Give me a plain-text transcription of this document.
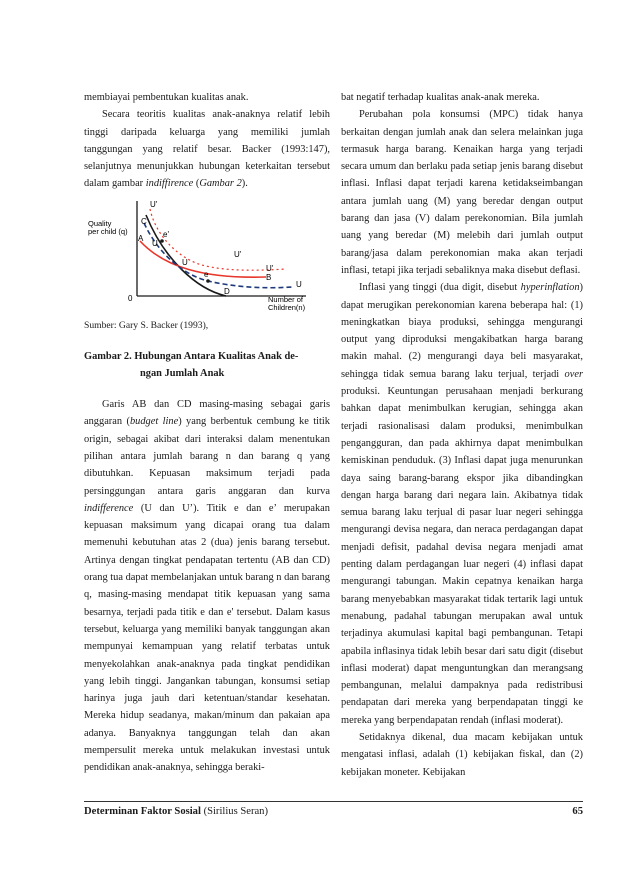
membiayai pembentukan kualitas anak.

Secara teoritis kualitas anak-anaknya relatif lebih tinggi daripada keluarga yang memiliki jumlah tanggungan yang relatif besar. Backer (1993:147), selanjutnya menunjukkan hubungan keterkaitan tersebut dalam gambar indiffirence (Gambar 2).

Quality
per child (q)
Number of
Children(n)
0
C
A e'
U'
U
e
U'
U'
B
U
D
U
Sumber: Gary S. Backer (1993),
Gambar 2. Hubungan Antara Kualitas Anak de-
ngan Jumlah Anak

Garis AB dan CD masing-masing sebagai garis anggaran (budget line) yang berbentuk cembung ke titik origin, sebagai akibat dari interaksi dalam menentukan pilihan antara jumlah barang n dan barang q yang dibutuhkan. Kepuasan maksimum terjadi pada persinggungan antara garis anggaran dan kurva indifference (U dan U’). Titik e dan e’ merupakan kepuasan maksimum yang dicapai orang tua dalam memenuhi kebutuhan atas 2 (dua) jenis barang tersebut. Artinya dengan tingkat pendapatan tertentu (AB dan CD) orang tua dapat membelanjakan untuk barang n dan barang q, masing-masing mendapat titik kepuasan yang sama besarnya, terjadi pada titik e dan e' tersebut. Dalam kasus tersebut, keluarga yang memiliki banyak tanggungan akan mempunyai kemampuan yang relatif terbatas untuk menyekolahkan anak-anaknya pada tingkat pendidikan yang lebih tinggi. Jangankan tabungan, konsumsi setiap harinya juga jauh dari ketentuan/standar kesehatan. Mereka hidup seadanya, makan/minum dan pakaian apa adanya. Banyaknya tanggungan telah dan akan mempersulit mereka untuk melakukan investasi untuk pendidikan anak-anaknya, sehingga beraki-

bat negatif terhadap kualitas anak-anak mereka.

Perubahan pola konsumsi (MPC) tidak hanya berkaitan dengan jumlah anak dan selera melainkan juga termasuk harga barang. Kenaikan harga yang terjadi secara umum dan berlaku pada setiap jenis barang disebut inflasi. Inflasi dapat terjadi karena ketidakseimbangan antara jumlah uang (M) yang beredar dengan output barang dan jasa (V) dalam perekonomian. Bila jumlah uang yang beredar (M) melebih dari jumlah output barang/jasa dalam perekonomian maka akan terjadi inflasi, tetapi jika terjadi sebaliknya maka disebut deflasi.

Inflasi yang tinggi (dua digit, disebut hyperinflation) dapat merugikan perekonomian karena beberapa hal: (1) meningkatkan biaya produksi, sehingga mengurangi output yang diproduksi mengakibatkan harga barang makin mahal. (2) mengurangi daya beli masyarakat, sehingga tidak semua barang laku terjual, terjadi over produksi. Keuntungan perusahaan menjadi berkurang bahkan dapat menimbulkan kerugian, sehingga akan terjadi rasionalisasi dalam produksi, menimbulkan pengangguran, dan pada akhirnya dapat menimbulkan kemiskinan penduduk. (3) Inflasi dapat juga menurunkan daya saing barang-barang ekspor jika dibandingkan dengan harga barang dari negara lain. Akibatnya tidak semua barang laku terjual di pasar luar negeri sehingga mengurangi devisa negara, dan neraca perdagangan dapat menjadi defisit, padahal devisa negara menjadi amat penting dalam perdagangan luar negeri (4) inflasi dapat mengurangi tabungan. Makin cepatnya kenaikan harga barang menyebabkan masyarakat tidak tertarik lagi untuk menabung, padahal tabungan merupakan awal untuk terjadinya akumulasi kapital bagi pembangunan. Tetapi apabila inflasinya tidak lebih besar dari satu digit (disebut inflasi moderat) dapat menguntungkan dan merangsang pembangunan, melalui dampaknya pada redistribusi pendapatan dari mereka yang berpendapatan tinggi ke mereka yang berpendapatan rendah (inflasi moderat).

Setidaknya dikenal, dua macam kebijakan untuk mengatasi inflasi, adalah (1) kebijakan fiskal, dan (2) kebijakan moneter. Kebijakan

Determinan Faktor Sosial (Sirilius Seran)	65
